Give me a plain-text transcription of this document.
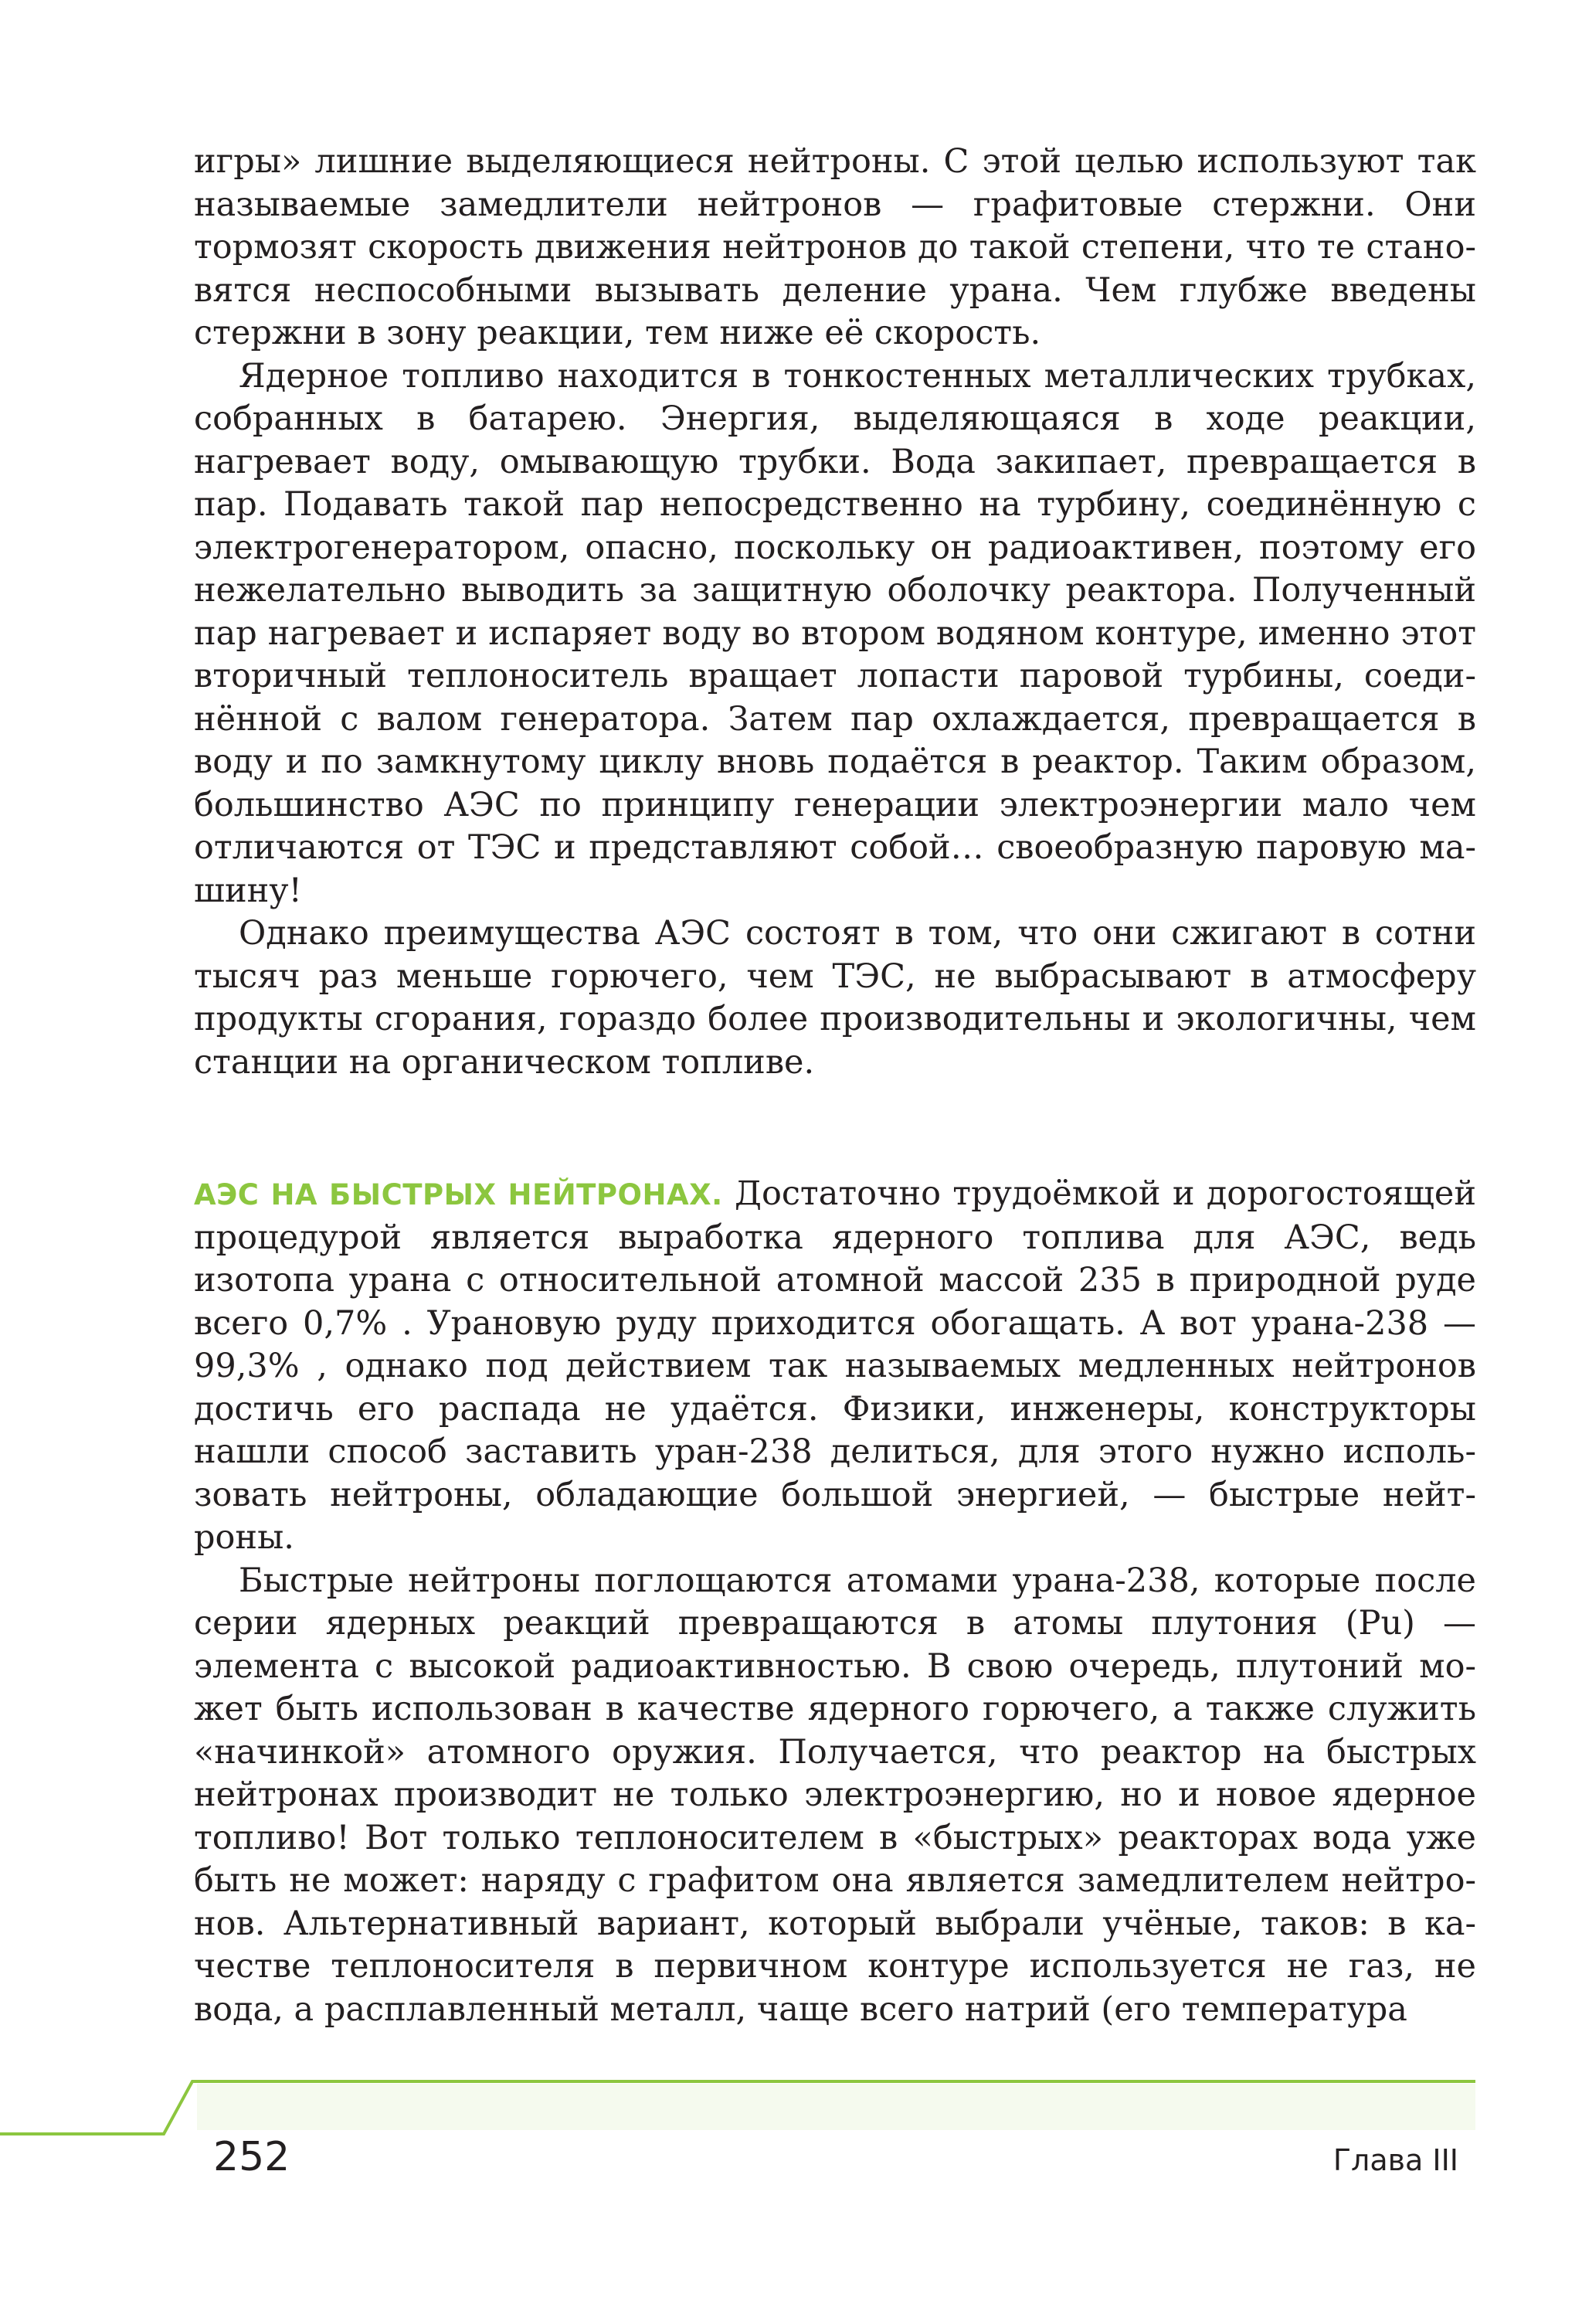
игры» лишние выделяющиеся нейтроны. С этой целью используют так называемые замедлители нейтронов — графитовые стержни. Они тормозят скорость движения нейтронов до такой степени, что те становятся неспособными вызывать деление урана. Чем глубже введены стержни в зону реакции, тем ниже её скорость.

Ядерное топливо находится в тонкостенных металлических трубках, собранных в батарею. Энергия, выделяющаяся в ходе реакции, нагревает воду, омывающую трубки. Вода закипает, превращается в пар. Подавать такой пар непосредственно на турбину, соединённую с электрогенератором, опасно, поскольку он радиоактивен, поэтому его нежелательно выводить за защитную оболочку реактора. Полученный пар нагревает и испаряет воду во втором водяном контуре, именно этот вторичный теплоноситель вращает лопасти паровой турбины, соединённой с валом генератора. Затем пар охлаждается, превращается в воду и по замкнутому циклу вновь подаётся в реактор. Таким образом, большинство АЭС по принципу генерации электроэнергии мало чем отличаются от ТЭС и представляют собой… своеобразную паровую машину!

Однако преимущества АЭС состоят в том, что они сжигают в сотни тысяч раз меньше горючего, чем ТЭС, не выбрасывают в атмосферу продукты сгорания, гораздо более производительны и экологичны, чем станции на органическом топливе.

АЭС НА БЫСТРЫХ НЕЙТРОНАХ. Достаточно трудоёмкой и дорогостоящей процедурой является выработка ядерного топлива для АЭС, ведь изотопа урана с относительной атомной массой 235 в природной руде всего 0,7% . Урановую руду приходится обогащать. А вот урана-238 — 99,3% , однако под действием так называемых медленных нейтронов достичь его распада не удаётся. Физики, инженеры, конструкторы нашли способ заставить уран-238 делиться, для этого нужно использовать нейтроны, обладающие большой энергией, — быстрые нейтроны.

Быстрые нейтроны поглощаются атомами урана-238, которые после серии ядерных реакций превращаются в атомы плутония (Pu) — элемента с высокой радиоактивностью. В свою очередь, плутоний может быть использован в качестве ядерного горючего, а также служить «начинкой» атомного оружия. Получается, что реактор на быстрых нейтронах производит не только электроэнергию, но и новое ядерное топливо! Вот только теплоносителем в «быстрых» реакторах вода уже быть не может: наряду с графитом она является замедлителем нейтронов. Альтернативный вариант, который выбрали учёные, таков: в качестве теплоносителя в первичном контуре используется не газ, не вода, а расплавленный металл, чаще всего натрий (его температура

252	Глава III
